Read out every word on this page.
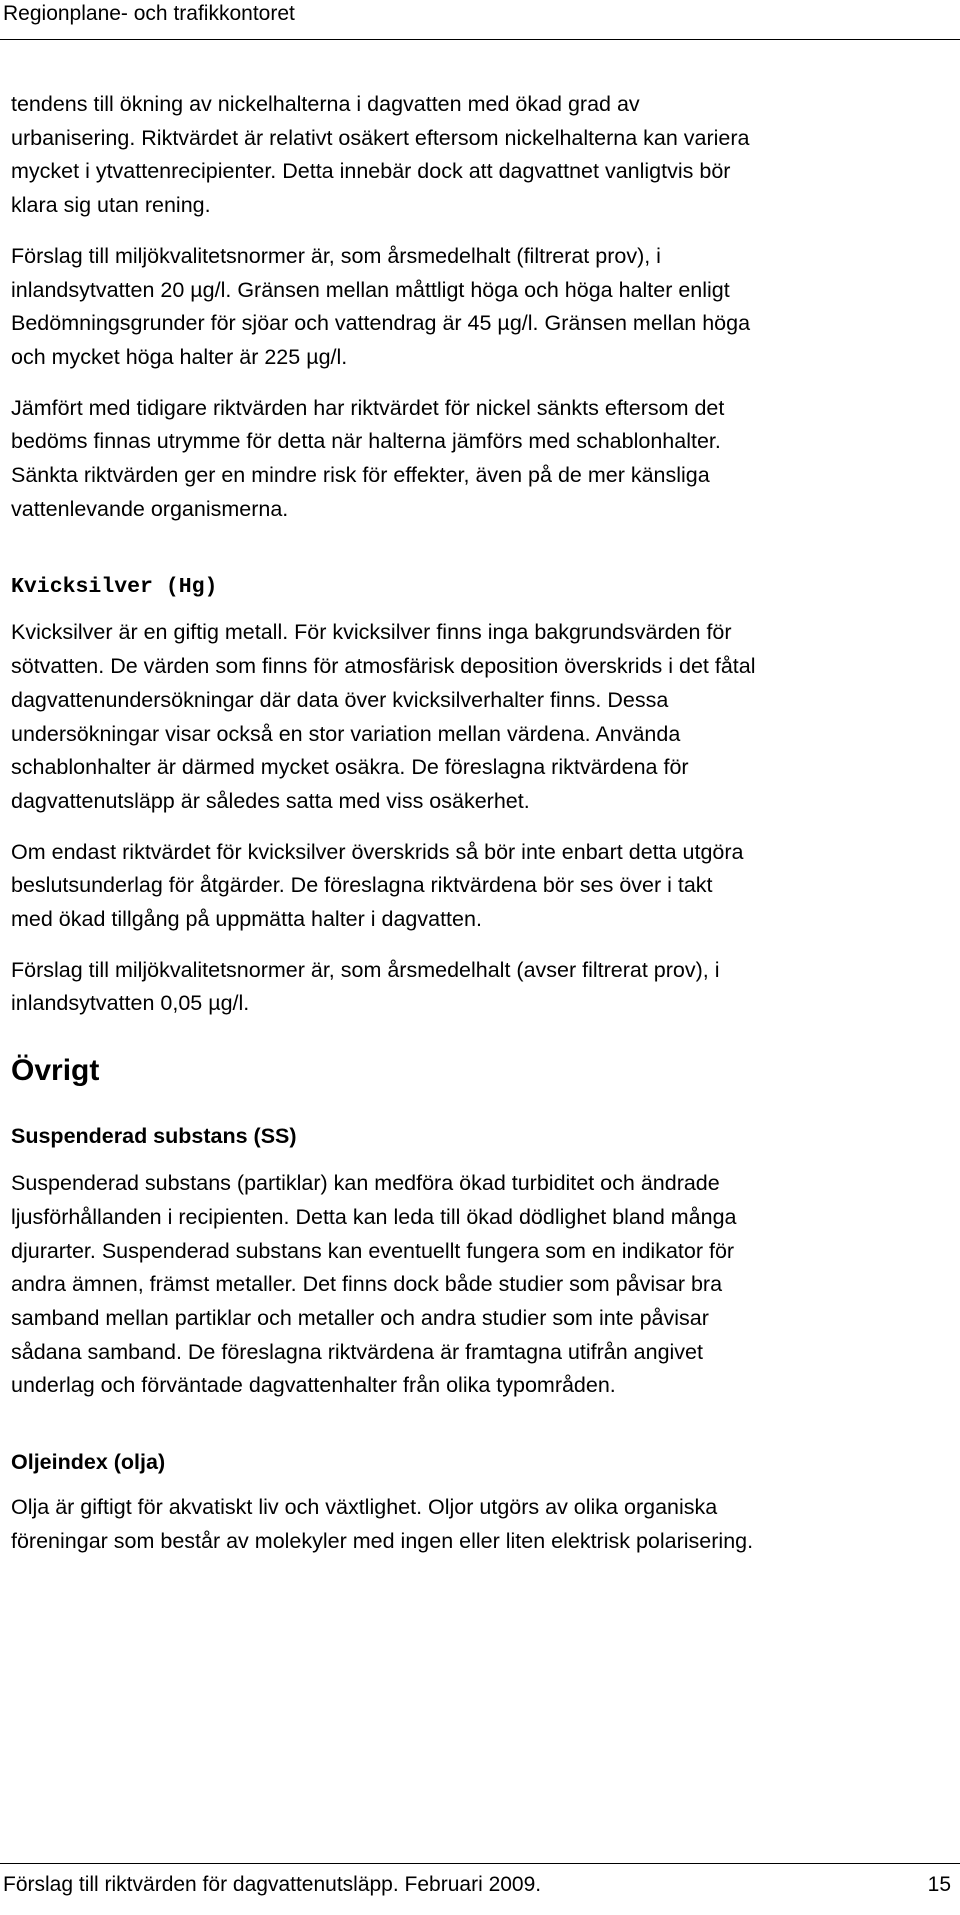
Regionplane- och trafikkontoret

tendens till ökning av nickelhalterna i dagvatten med ökad grad av
urbanisering. Riktvärdet är relativt osäkert eftersom nickelhalterna kan variera
mycket i ytvattenrecipienter. Detta innebär dock att dagvattnet vanligtvis bör
klara sig utan rening.

Förslag till miljökvalitetsnormer är, som årsmedelhalt (filtrerat prov), i
inlandsytvatten 20 µg/l. Gränsen mellan måttligt höga och höga halter enligt
Bedömningsgrunder för sjöar och vattendrag är 45 µg/l. Gränsen mellan höga
och mycket höga halter är 225 µg/l.

Jämfört med tidigare riktvärden har riktvärdet för nickel sänkts eftersom det
bedöms finnas utrymme för detta när halterna jämförs med schablonhalter.
Sänkta riktvärden ger en mindre risk för effekter, även på de mer känsliga
vattenlevande organismerna.

Kvicksilver (Hg)

Kvicksilver är en giftig metall. För kvicksilver finns inga bakgrundsvärden för
sötvatten. De värden som finns för atmosfärisk deposition överskrids i det fåtal
dagvattenundersökningar där data över kvicksilverhalter finns. Dessa
undersökningar visar också en stor variation mellan värdena. Använda
schablonhalter är därmed mycket osäkra. De föreslagna riktvärdena för
dagvattenutsläpp är således satta med viss osäkerhet.

Om endast riktvärdet för kvicksilver överskrids så bör inte enbart detta utgöra
beslutsunderlag för åtgärder. De föreslagna riktvärdena bör ses över i takt
med ökad tillgång på uppmätta halter i dagvatten.

Förslag till miljökvalitetsnormer är, som årsmedelhalt (avser filtrerat prov), i
inlandsytvatten 0,05 µg/l.

Övrigt
Suspenderad substans (SS)

Suspenderad substans (partiklar) kan medföra ökad turbiditet och ändrade
ljusförhållanden i recipienten. Detta kan leda till ökad dödlighet bland många
djurarter. Suspenderad substans kan eventuellt fungera som en indikator för
andra ämnen, främst metaller. Det finns dock både studier som påvisar bra
samband mellan partiklar och metaller och andra studier som inte påvisar
sådana samband. De föreslagna riktvärdena är framtagna utifrån angivet
underlag och förväntade dagvattenhalter från olika typområden.

Oljeindex (olja)

Olja är giftigt för akvatiskt liv och växtlighet. Oljor utgörs av olika organiska
föreningar som består av molekyler med ingen eller liten elektrisk polarisering.

Förslag till riktvärden för dagvattenutsläpp. Februari 2009.	15
